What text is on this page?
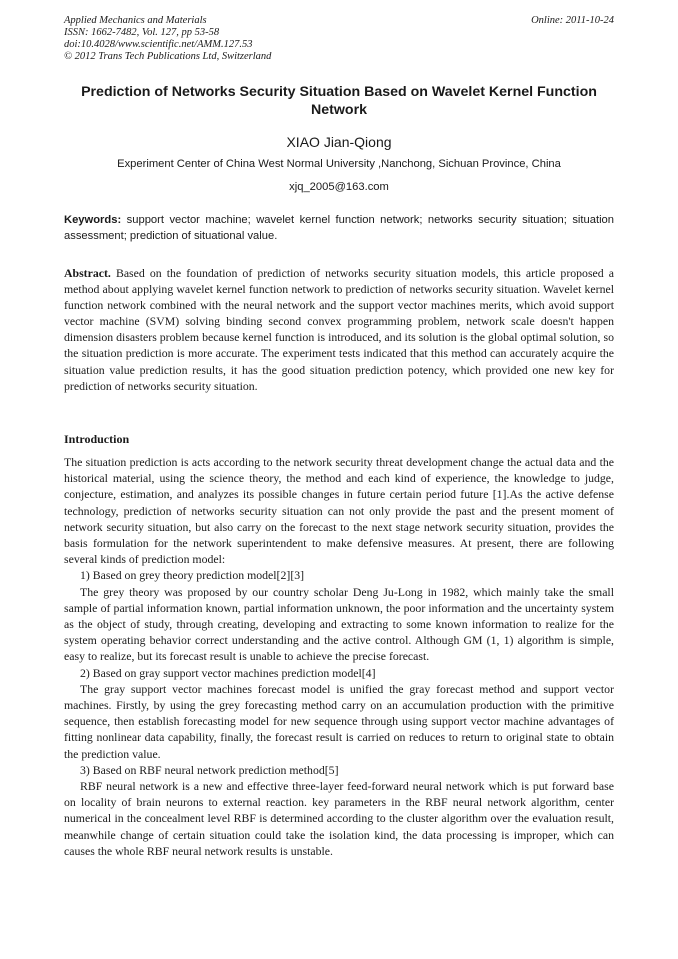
Applied Mechanics and Materials
ISSN: 1662-7482, Vol. 127, pp 53-58
doi:10.4028/www.scientific.net/AMM.127.53
© 2012 Trans Tech Publications Ltd, Switzerland
Online: 2011-10-24
Prediction of Networks Security Situation Based on Wavelet Kernel Function Network
XIAO Jian-Qiong
Experiment Center of China West Normal University ,Nanchong, Sichuan Province, China
xjq_2005@163.com
Keywords: support vector machine; wavelet kernel function network; networks security situation; situation assessment; prediction of situational value.
Abstract. Based on the foundation of prediction of networks security situation models, this article proposed a method about applying wavelet kernel function network to prediction of networks security situation. Wavelet kernel function network combined with the neural network and the support vector machines merits, which avoid support vector machine (SVM) solving binding second convex programming problem, network scale doesn't happen dimension disasters problem because kernel function is introduced, and its solution is the global optimal solution, so the situation prediction is more accurate. The experiment tests indicated that this method can accurately acquire the situation value prediction results, it has the good situation prediction potency, which provided one new key for prediction of networks security situation.
Introduction

The situation prediction is acts according to the network security threat development change the actual data and the historical material, using the science theory, the method and each kind of experience, the knowledge to judge, conjecture, estimation, and analyzes its possible changes in future certain period future [1].As the active defense technology, prediction of networks security situation can not only provide the past and the present moment of network security situation, but also carry on the forecast to the next stage network security situation, provides the basis formulation for the network superintendent to make defensive measures. At present, there are following several kinds of prediction model:

1) Based on grey theory prediction model[2][3]

The grey theory was proposed by our country scholar Deng Ju-Long in 1982, which mainly take the small sample of partial information known, partial information unknown, the poor information and the uncertainty system as the object of study, through creating, developing and extracting to some known information to realize for the system operating behavior correct understanding and the active control. Although GM (1, 1) algorithm is simple, easy to realize, but its forecast result is unable to achieve the precise forecast.

2) Based on gray support vector machines prediction model[4]

The gray support vector machines forecast model is unified the gray forecast method and support vector machines. Firstly, by using the grey forecasting method carry on an accumulation production with the primitive sequence, then establish forecasting model for new sequence through using support vector machine advantages of fitting nonlinear data capability, finally, the forecast result is carried on reduces to return to original state to obtain the prediction value.

3) Based on RBF neural network prediction method[5]

RBF neural network is a new and effective three-layer feed-forward neural network which is put forward base on locality of brain neurons to external reaction. key parameters in the RBF neural network algorithm, center numerical in the concealment level RBF is determined according to the cluster algorithm over the evaluation result, meanwhile change of certain situation could take the isolation kind, the data processing is improper, which can causes the whole RBF neural network results is unstable.
